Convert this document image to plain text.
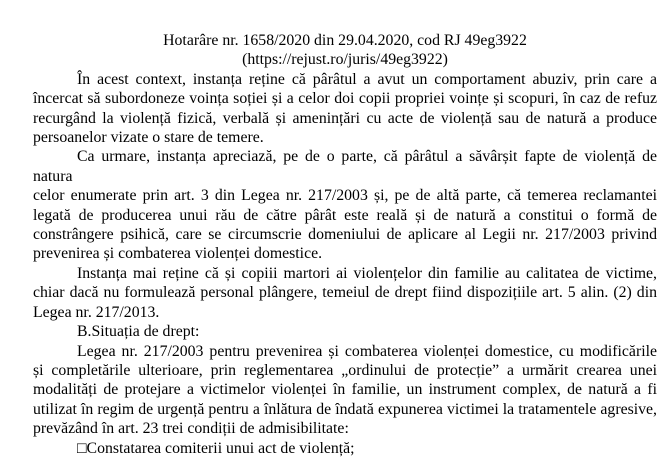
Hotarâre nr. 1658/2020 din 29.04.2020, cod RJ 49eg3922
(https://rejust.ro/juris/49eg3922)
În acest context, instanța reține că pârâtul a avut un comportament abuziv, prin care a
încercat să subordoneze voința soției și a celor doi copii propriei voințe și scopuri, în caz de refuz
recurgând la violență fizică, verbală și amenințări cu acte de violență sau de natură a produce
persoanelor vizate o stare de temere.
Ca urmare, instanța apreciază, pe de o parte, că pârâtul a săvârșit fapte de violență de natura
celor enumerate prin art. 3 din Legea nr. 217/2003 și, pe de altă parte, că temerea reclamantei
legată de producerea unui rău de către pârât este reală și de natură a constitui o formă de
constrângere psihică, care se circumscrie domeniului de aplicare al Legii nr. 217/2003 privind
prevenirea și combaterea violenței domestice.
Instanța mai reține că și copiii martori ai violențelor din familie au calitatea de victime,
chiar dacă nu formulează personal plângere, temeiul de drept fiind dispozițiile art. 5 alin. (2) din
Legea nr. 217/2013.
B.Situația de drept:
Legea nr. 217/2003 pentru prevenirea și combaterea violenței domestice, cu modificările
și completările ulterioare, prin reglementarea „ordinului de protecție” a urmărit crearea unei
modalități de protejare a victimelor violenței în familie, un instrument complex, de natură a fi
utilizat în regim de urgență pentru a înlătura de îndată expunerea victimei la tratamentele agresive,
prevăzând în art. 23 trei condiții de admisibilitate:
□Constatarea comiterii unui act de violență;
